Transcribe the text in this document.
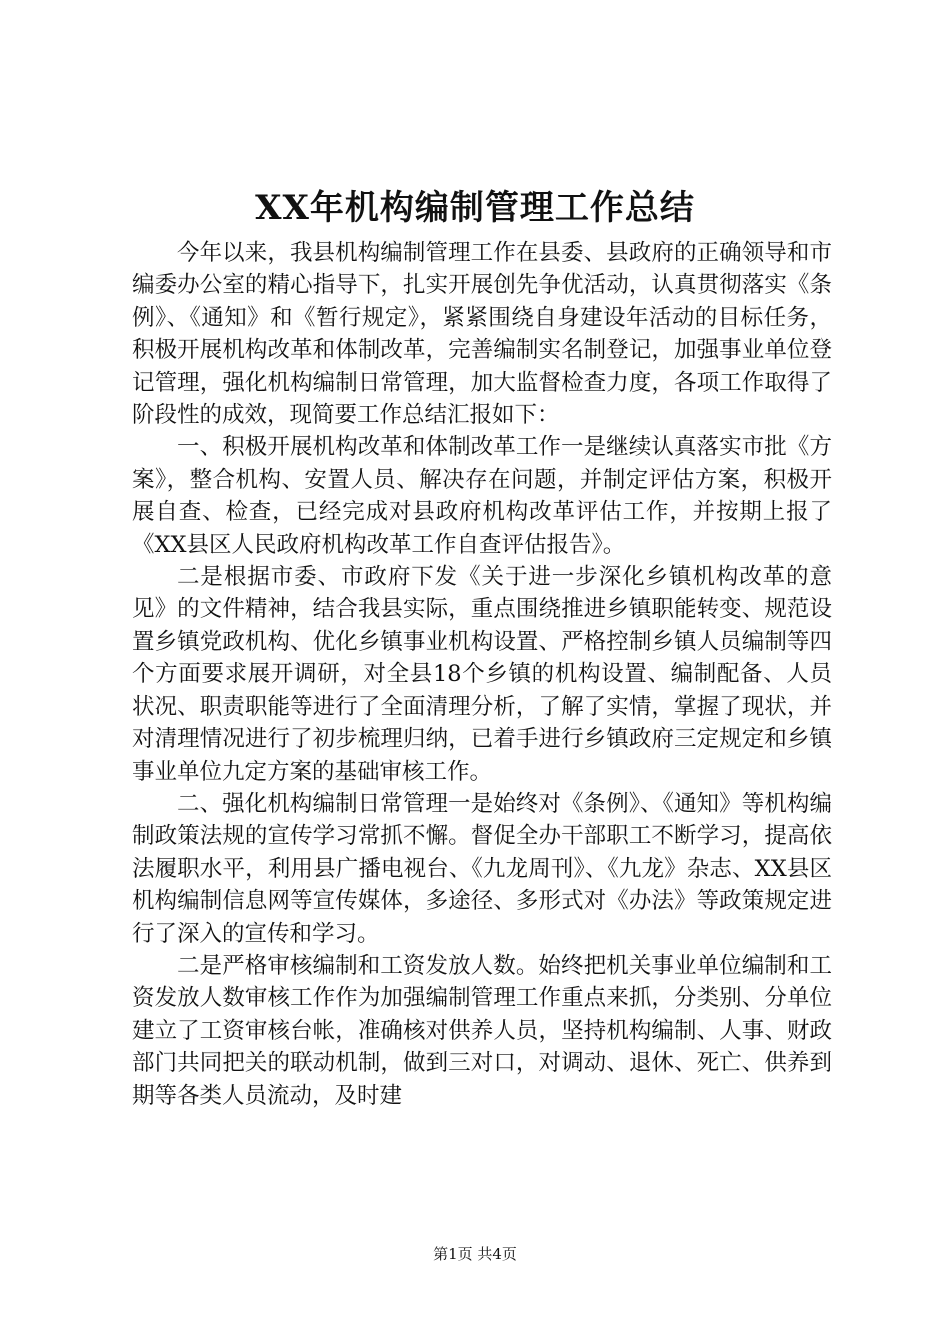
XX年机构编制管理工作总结

今年以来，我县机构编制管理工作在县委、县政府的正确领导和市编委办公室的精心指导下，扎实开展创先争优活动，认真贯彻落实《条例》、《通知》和《暂行规定》，紧紧围绕自身建设年活动的目标任务，积极开展机构改革和体制改革，完善编制实名制登记，加强事业单位登记管理，强化机构编制日常管理，加大监督检查力度，各项工作取得了阶段性的成效，现简要工作总结汇报如下：

一、积极开展机构改革和体制改革工作一是继续认真落实市批《方案》，整合机构、安置人员、解决存在问题，并制定评估方案，积极开展自查、检查，已经完成对县政府机构改革评估工作，并按期上报了《XX县区人民政府机构改革工作自查评估报告》。

二是根据市委、市政府下发《关于进一步深化乡镇机构改革的意见》的文件精神，结合我县实际，重点围绕推进乡镇职能转变、规范设置乡镇党政机构、优化乡镇事业机构设置、严格控制乡镇人员编制等四个方面要求展开调研，对全县18个乡镇的机构设置、编制配备、人员状况、职责职能等进行了全面清理分析，了解了实情，掌握了现状，并对清理情况进行了初步梳理归纳，已着手进行乡镇政府三定规定和乡镇事业单位九定方案的基础审核工作。

二、强化机构编制日常管理一是始终对《条例》、《通知》等机构编制政策法规的宣传学习常抓不懈。督促全办干部职工不断学习，提高依法履职水平，利用县广播电视台、《九龙周刊》、《九龙》杂志、XX县区机构编制信息网等宣传媒体，多途径、多形式对《办法》等政策规定进行了深入的宣传和学习。

二是严格审核编制和工资发放人数。始终把机关事业单位编制和工资发放人数审核工作作为加强编制管理工作重点来抓，分类别、分单位建立了工资审核台帐，准确核对供养人员，坚持机构编制、人事、财政部门共同把关的联动机制，做到三对口，对调动、退休、死亡、供养到期等各类人员流动，及时建

第1页 共4页
